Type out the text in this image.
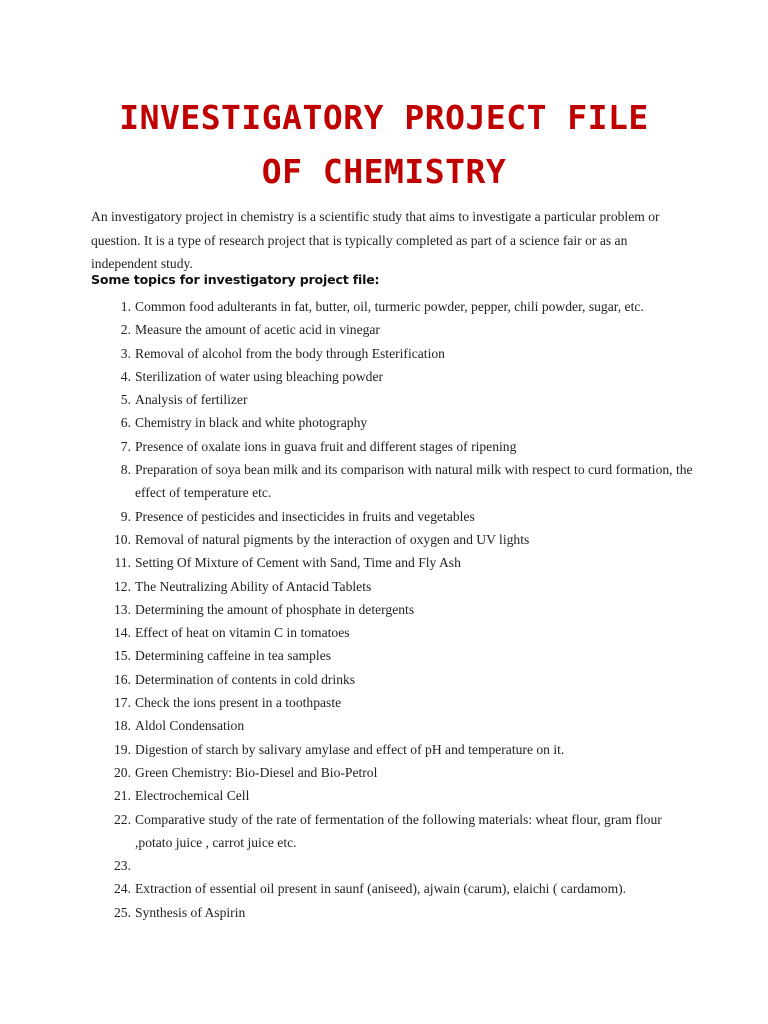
INVESTIGATORY PROJECT FILE
OF CHEMISTRY

An investigatory project in chemistry is a scientific study that aims to investigate a particular problem or question. It is a type of research project that is typically completed as part of a science fair or as an independent study.

Some topics for investigatory project file:

1. Common food adulterants in fat, butter, oil, turmeric powder, pepper, chili powder, sugar, etc.
2. Measure the amount of acetic acid in vinegar
3. Removal of alcohol from the body through Esterification
4. Sterilization of water using bleaching powder
5. Analysis of fertilizer
6. Chemistry in black and white photography
7. Presence of oxalate ions in guava fruit and different stages of ripening
8. Preparation of soya bean milk and its comparison with natural milk with respect to curd formation, the effect of temperature etc.
9. Presence of pesticides and insecticides in fruits and vegetables
10. Removal of natural pigments by the interaction of oxygen and UV lights
11. Setting Of Mixture of Cement with Sand, Time and Fly Ash
12. The Neutralizing Ability of Antacid Tablets
13. Determining the amount of phosphate in detergents
14. Effect of heat on vitamin C in tomatoes
15. Determining caffeine in tea samples
16. Determination of contents in cold drinks
17. Check the ions present in a toothpaste
18. Aldol Condensation
19. Digestion of starch by salivary amylase and effect of pH and temperature on it.
20. Green Chemistry: Bio-Diesel and Bio-Petrol
21. Electrochemical Cell
22. Comparative study of the rate of fermentation of the following materials: wheat flour, gram flour ,potato juice , carrot juice etc.
23.
24. Extraction of essential oil present in saunf (aniseed), ajwain (carum), elaichi ( cardamom).
25. Synthesis of Aspirin
